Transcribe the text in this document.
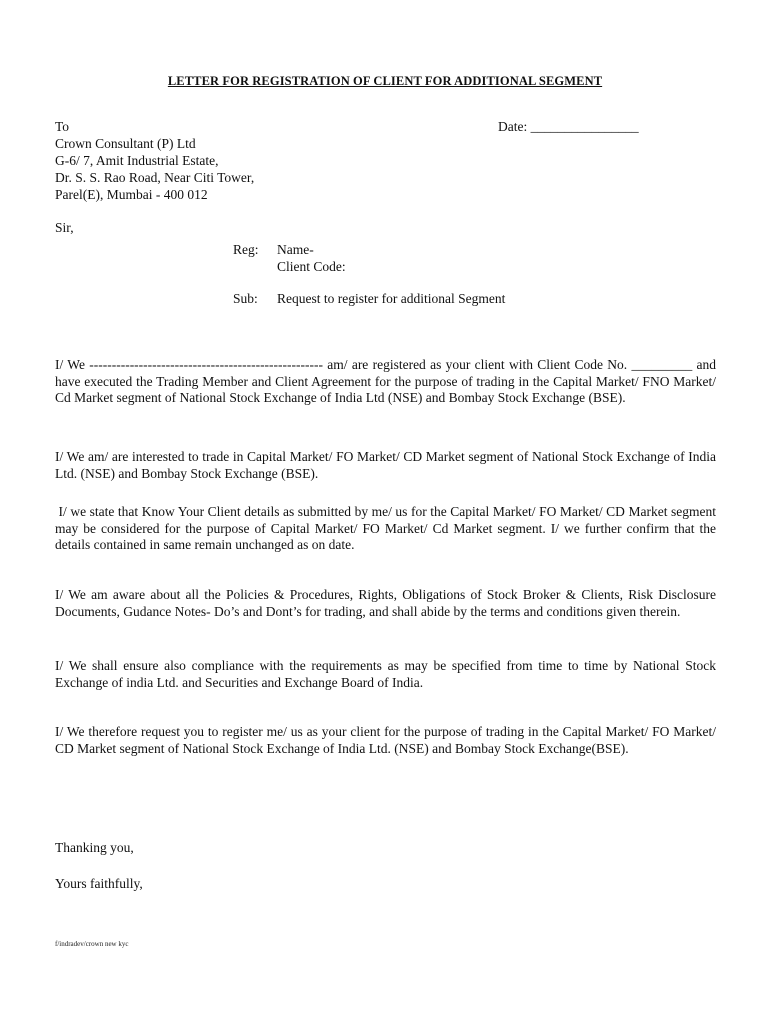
LETTER FOR REGISTRATION OF CLIENT FOR ADDITIONAL SEGMENT
To
Crown Consultant (P) Ltd
G-6/ 7, Amit Industrial Estate,
Dr. S. S. Rao Road, Near Citi Tower,
Parel(E), Mumbai - 400 012
Date: ________________
Sir,
Reg:	Name-
Client Code:
Sub:	Request to register for additional Segment
I/ We ---------------------------------------------------- am/ are registered as your client with Client Code No. _________ and have executed the Trading Member and Client Agreement for the purpose of trading in the Capital Market/ FNO Market/ Cd Market segment of National Stock Exchange of India Ltd (NSE) and Bombay Stock Exchange (BSE).
I/ We am/ are interested to trade in Capital Market/ FO Market/ CD Market segment of National Stock Exchange of India Ltd. (NSE) and Bombay Stock Exchange (BSE).
I/ we state that Know Your Client details as submitted by me/ us for the Capital Market/ FO Market/ CD Market segment may be considered for the purpose of Capital Market/ FO Market/ Cd Market segment. I/ we further confirm that the details contained in same remain unchanged as on date.
I/ We am aware about all the Policies & Procedures, Rights, Obligations of Stock Broker & Clients, Risk Disclosure Documents, Gudance Notes- Do’s and Dont’s for trading, and shall abide by the terms and conditions given therein.
I/ We shall ensure also compliance with the requirements as may be specified from time to time by National Stock Exchange of india Ltd. and Securities and Exchange Board of India.
I/ We therefore request you to register me/ us as your client for the purpose of trading in the Capital Market/ FO Market/ CD Market segment of National Stock Exchange of India Ltd. (NSE) and Bombay Stock Exchange(BSE).
Thanking you,
Yours faithfully,
f/indradev/crown new kyc
